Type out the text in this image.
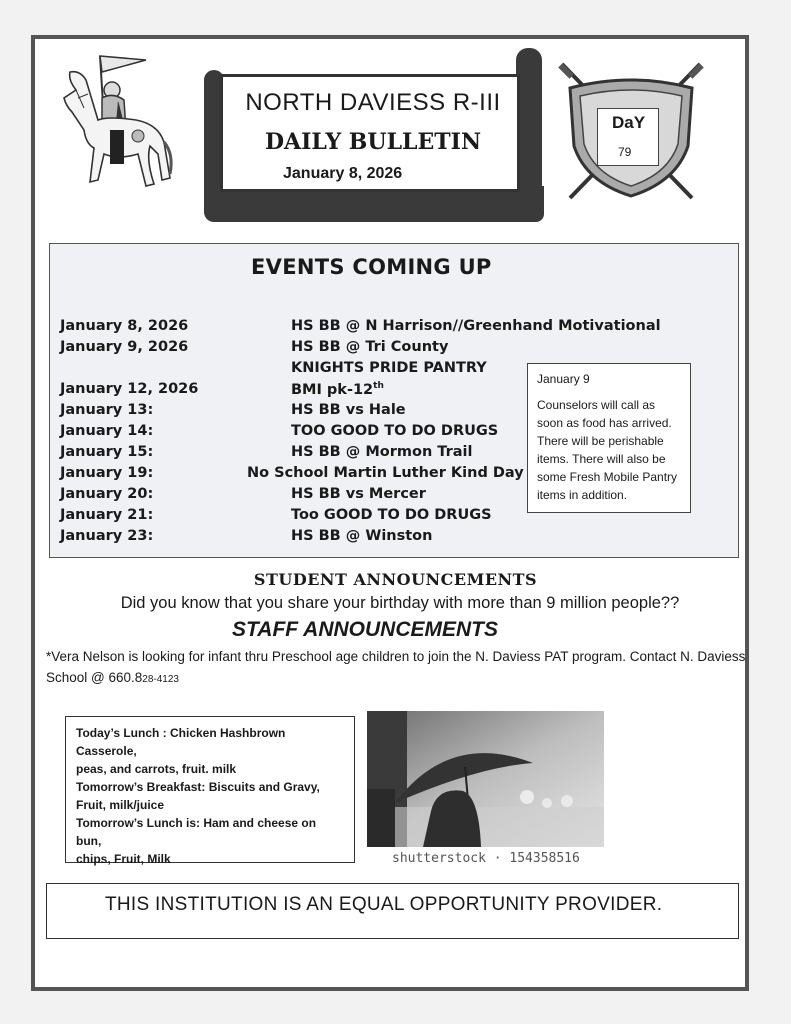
NORTH DAVIESS R-III
DAILY BULLETIN
January 8, 2026
DaY
79
EVENTS COMING UP
January 8, 2026	HS BB @ N Harrison//Greenhand Motivational
January 9, 2026	HS BB @ Tri County
KNIGHTS PRIDE PANTRY
January 12, 2026	BMI pk-12th
January 13:	HS BB vs Hale
January 14:	TOO GOOD TO DO DRUGS
January 15:	HS BB @ Mormon Trail
January 19:	No School Martin Luther Kind Day
January 20:	HS BB vs Mercer
January 21:	Too GOOD TO DO DRUGS
January 23:	HS BB @ Winston
January 9
Counselors will call as
soon as food has arrived.
There will be perishable
items. There will also be
some Fresh Mobile Pantry
items in addition.
STUDENT ANNOUNCEMENTS
Did you know that you share your birthday with more than 9 million people??
STAFF ANNOUNCEMENTS
*Vera Nelson is looking for infant thru Preschool age children to join the N. Daviess PAT program. Contact N. Daviess School @ 660.828-4123
Today’s Lunch : Chicken Hashbrown Casserole,
peas, and carrots, fruit. milk
Tomorrow’s Breakfast: Biscuits and Gravy,
Fruit, milk/juice
Tomorrow’s Lunch is: Ham and cheese on bun,
chips, Fruit, Milk	shutterstock · 154358516
THIS INSTITUTION IS AN EQUAL OPPORTUNITY PROVIDER.
